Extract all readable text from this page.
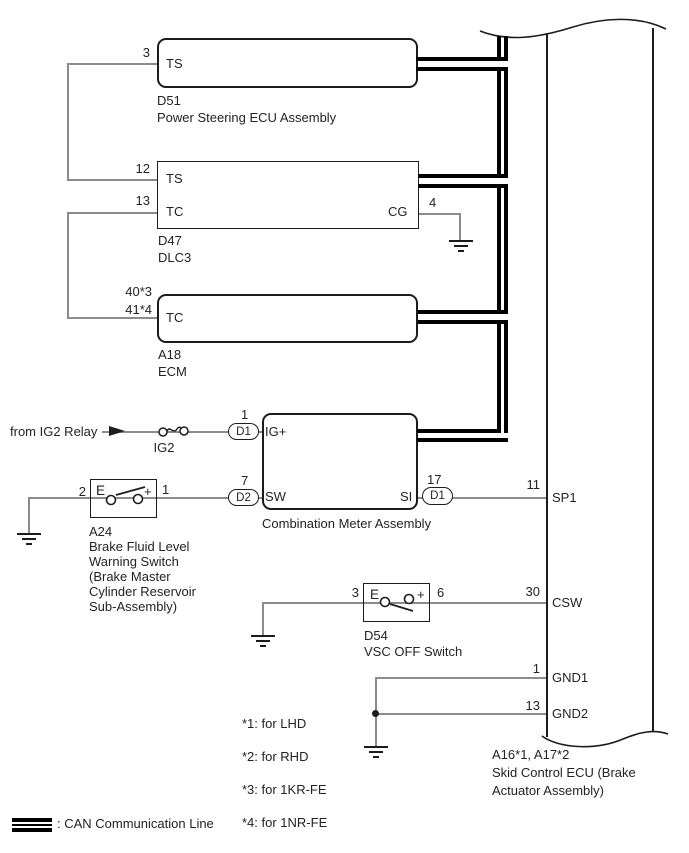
D1
D2	D1
3
TS
D51
Power Steering ECU Assembly
12
TS
13
TC	CG
4
D47
DLC3
40*3
41*4
TC
A18
ECM
from IG2 Relay
IG2
1
IG+
7
SW
17
SI
Combination Meter Assembly
2 E	+ 1
A24
Brake Fluid Level
Warning Switch
(Brake Master
Cylinder Reservoir
Sub-Assembly)
3 E	+ 6
D54
VSC OFF Switch
11
SP1
30
CSW
1
GND1
13
GND2
A16*1, A17*2
Skid Control ECU (Brake
Actuator Assembly)
*1: for LHD
*2: for RHD
*3: for 1KR-FE
*4: for 1NR-FE
: CAN Communication Line
